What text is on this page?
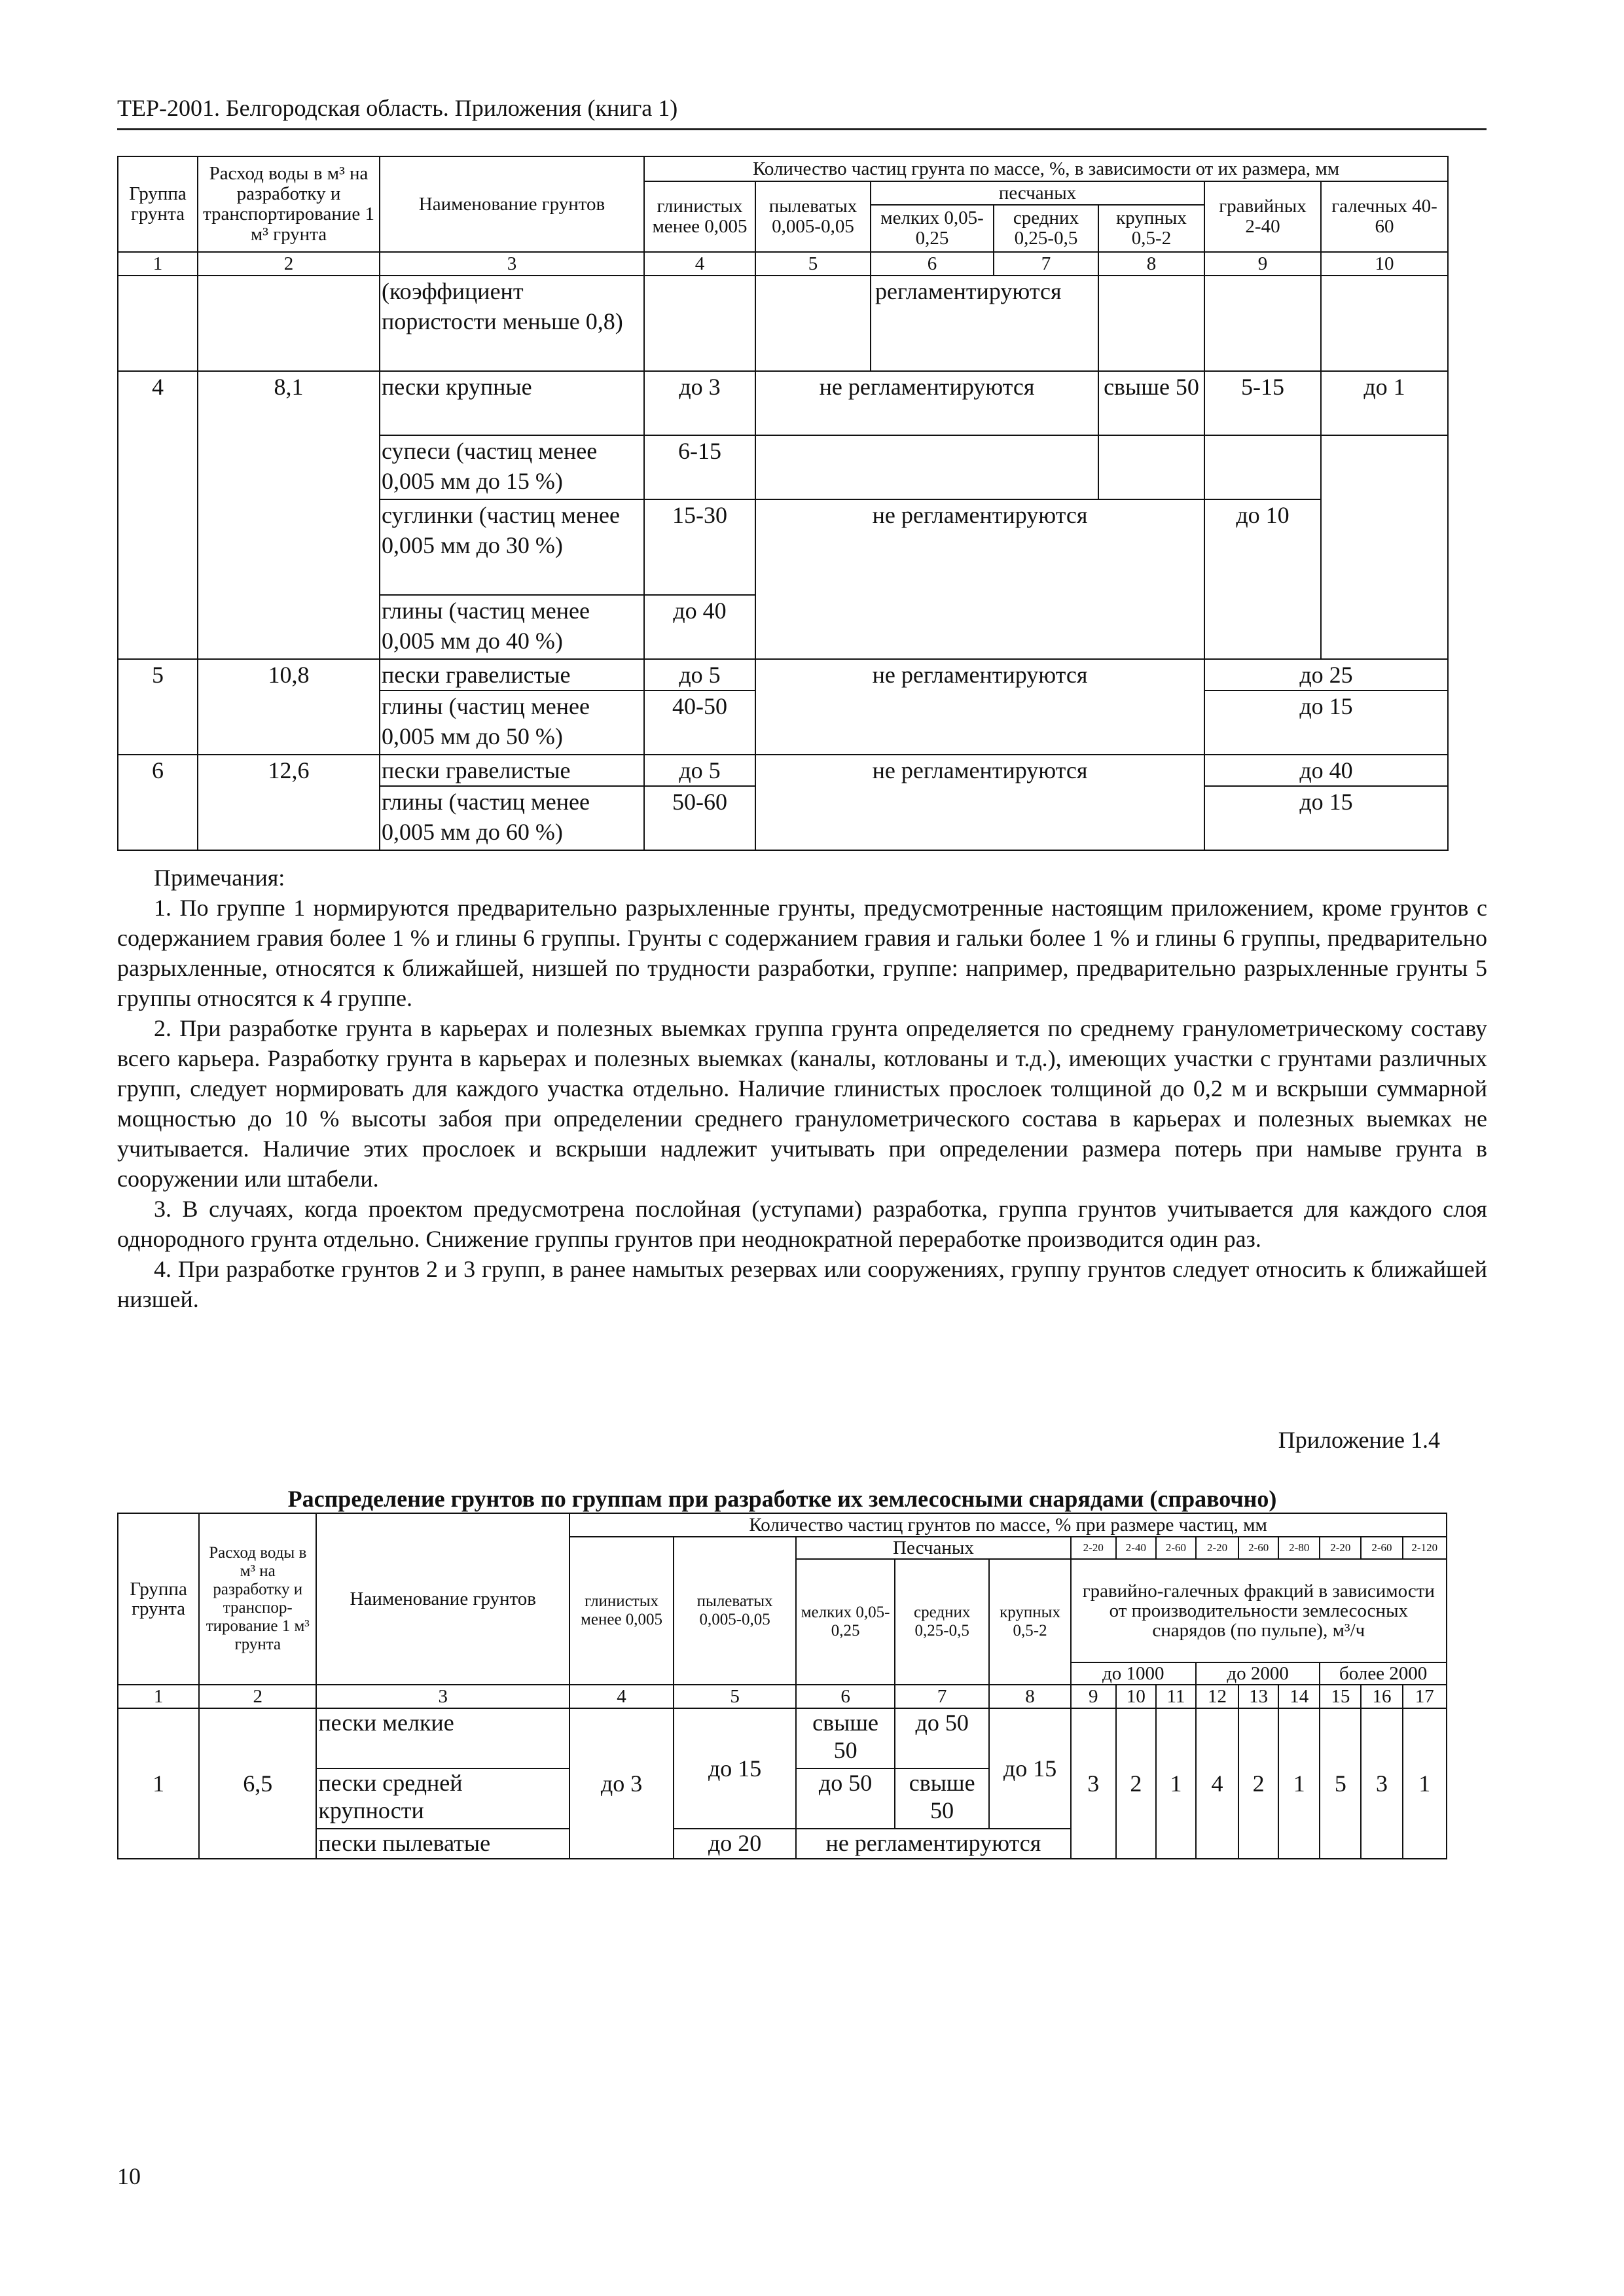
ТЕР-2001. Белгородская область. Приложения (книга 1)
Группа грунта	Расход воды в м³ на разработку и транспортирование 1 м³ грунта	Наименование грунтов	Количество частиц грунта по массе, %, в зависимости от их размера, мм						
			глинистых менее 0,005	пылеватых 0,005-0,05	песчаных			гравийных 2-40	галечных 40-60
					мелких 0,05-0,25	средних 0,25-0,5	крупных 0,5-2		
1	2	3	4	5	6	7	8	9	10
		(коэффициент пористости меньше 0,8)			регламентируются				
4	8,1	пески крупные	до 3	не регламентируются			свыше 50	5-15	до 1
		супеси (частиц менее 0,005 мм до 15 %)	6-15						
		суглинки (частиц менее 0,005 мм до 30 %)	15-30	не регламентируются				до 10	
		глины (частиц менее 0,005 мм до 40 %)	до 40						
5	10,8	пески гравелистые	до 5	не регламентируются				до 25	
		глины (частиц менее 0,005 мм до 50 %)	40-50					до 15	
6	12,6	пески гравелистые	до 5	не регламентируются				до 40	
		глины (частиц менее 0,005 мм до 60 %)	50-60					до 15	

Примечания:

1. По группе 1 нормируются предварительно разрыхленные грунты, предусмотренные настоящим приложением, кроме грунтов с содержанием гравия более 1 % и глины 6 группы. Грунты с содержанием гравия и гальки более 1 % и глины 6 группы, предварительно разрыхленные, относятся к ближайшей, низшей по трудности разработки, группе: например, предварительно разрыхленные грунты 5 группы относятся к 4 группе.

2. При разработке грунта в карьерах и полезных выемках группа грунта определяется по среднему гранулометрическому составу всего карьера. Разработку грунта в карьерах и полезных выемках (каналы, котлованы и т.д.), имеющих участки с грунтами различных групп, следует нормировать для каждого участка отдельно. Наличие глинистых прослоек толщиной до 0,2 м и вскрыши суммарной мощностью до 10 % высоты забоя при определении среднего гранулометрического состава в карьерах и полезных выемках не учитывается. Наличие этих прослоек и вскрыши надлежит учитывать при определении размера потерь при намыве грунта в сооружении или штабели.

3. В случаях, когда проектом предусмотрена послойная (уступами) разработка, группа грунтов учитывается для каждого слоя однородного грунта отдельно. Снижение группы грунтов при неоднократной переработке производится один раз.

4. При разработке грунтов 2 и 3 групп, в ранее намытых резервах или сооружениях, группу грунтов следует относить к ближайшей низшей.

Приложение 1.4
Распределение грунтов по группам при разработке их землесосными снарядами (справочно)
Группа грунта	Расход воды в м³ на разработку и транспор-тирование 1 м³ грунта	Наименование грунтов	Количество частиц грунтов по массе, % при размере частиц, мм													
			глинистых менее 0,005	пылеватых 0,005-0,05	Песчаных			2-20	2-40	2-60	2-20	2-60	2-80	2-20	2-60	2-120
					мелких 0,05-0,25	средних 0,25-0,5	крупных 0,5-2	гравийно-галечных фракций в зависимости от производительности землесосных снарядов (по пульпе), м³/ч								
								до 1000			до 2000			более 2000		
1	2	3	4	5	6	7	8	9	10	11	12	13	14	15	16	17
1	6,5	пески мелкие	до 3	до 15	свыше 50	до 50	до 15	3	2	1	4	2	1	5	3	1
		пески средней крупности			до 50	свыше 50										
		пески пылеватые		до 20	не регламентируются											
10
